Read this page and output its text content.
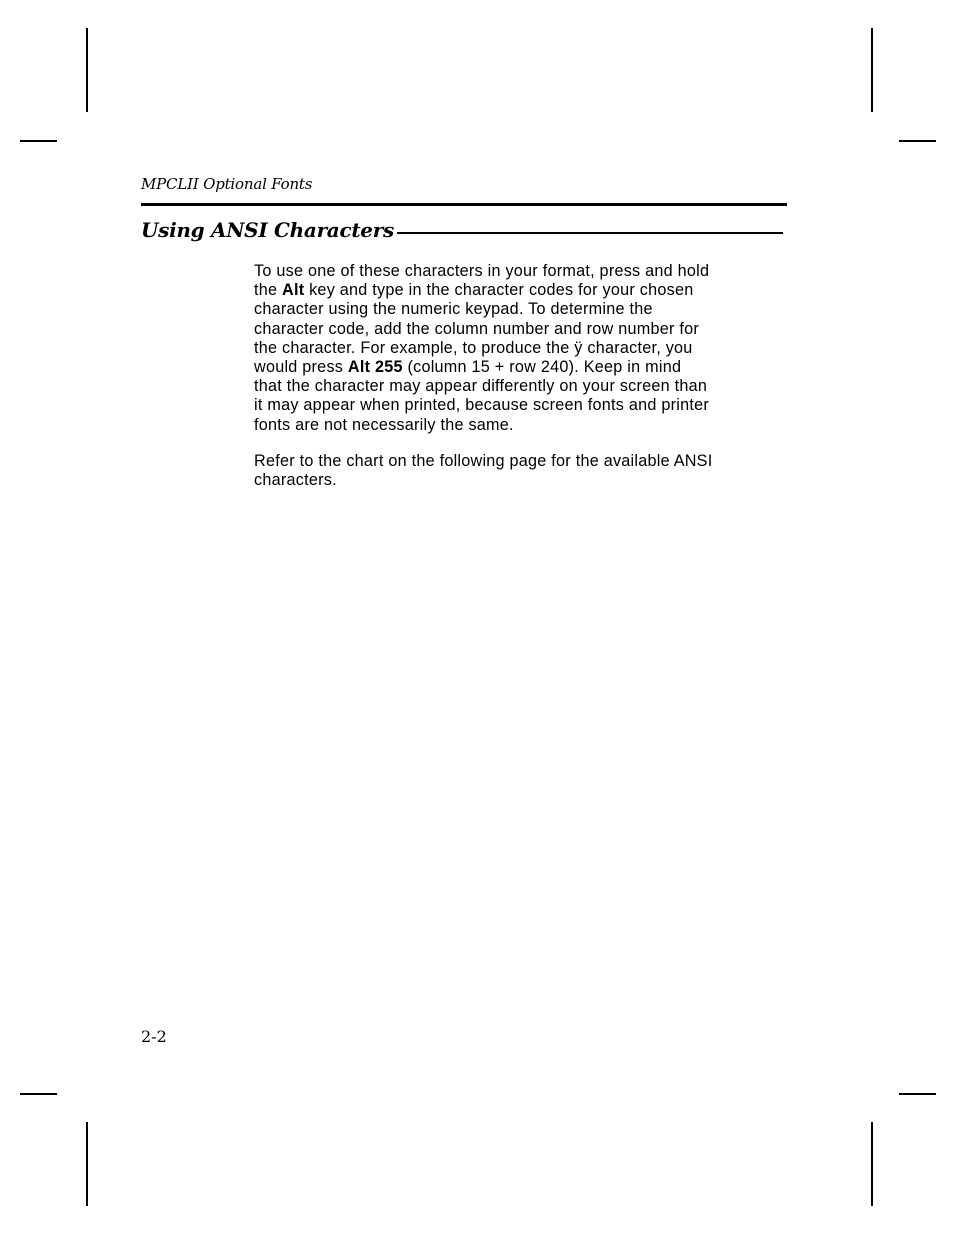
MPCLII Optional Fonts
Using ANSI Characters

To use one of these characters in your format, press and hold
the Alt key and type in the character codes for your chosen
character using the numeric keypad. To determine the
character code, add the column number and row number for
the character. For example, to produce the ÿ character, you
would press Alt 255 (column 15 + row 240). Keep in mind
that the character may appear differently on your screen than
it may appear when printed, because screen fonts and printer
fonts are not necessarily the same.

Refer to the chart on the following page for the available ANSI
characters.

2-2
